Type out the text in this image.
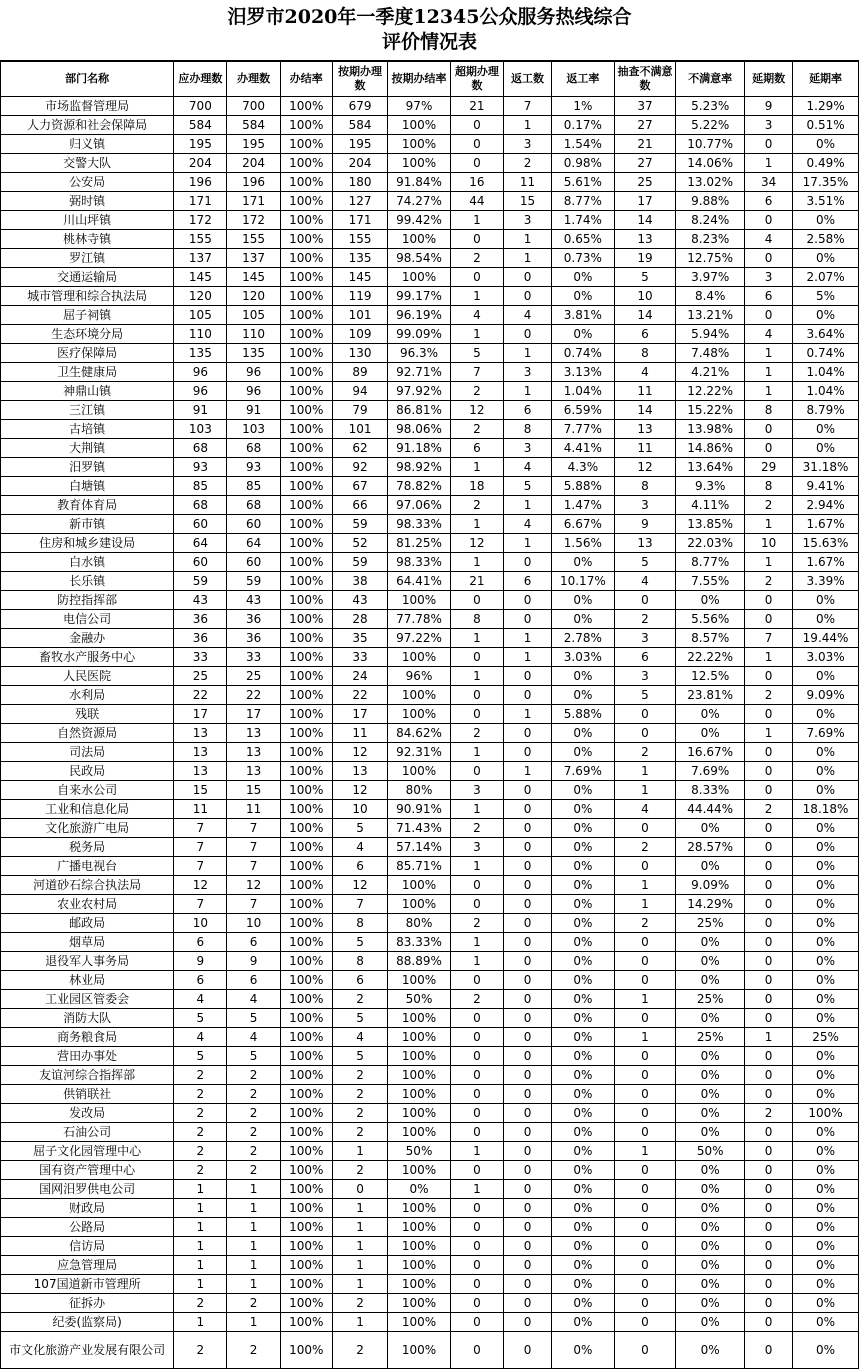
汨罗市2020年一季度12345公众服务热线综合
评价情况表
部门名称	应办理数	办理数	办结率	按期办理数	按期办结率	超期办理数	返工数	返工率	抽查不满意数	不满意率	延期数	延期率
市场监督管理局	700	700	100%	679	97%	21	7	1%	37	5.23%	9	1.29%
人力资源和社会保障局	584	584	100%	584	100%	0	1	0.17%	27	5.22%	3	0.51%
归义镇	195	195	100%	195	100%	0	3	1.54%	21	10.77%	0	0%
交警大队	204	204	100%	204	100%	0	2	0.98%	27	14.06%	1	0.49%
公安局	196	196	100%	180	91.84%	16	11	5.61%	25	13.02%	34	17.35%
弼时镇	171	171	100%	127	74.27%	44	15	8.77%	17	9.88%	6	3.51%
川山坪镇	172	172	100%	171	99.42%	1	3	1.74%	14	8.24%	0	0%
桃林寺镇	155	155	100%	155	100%	0	1	0.65%	13	8.23%	4	2.58%
罗江镇	137	137	100%	135	98.54%	2	1	0.73%	19	12.75%	0	0%
交通运输局	145	145	100%	145	100%	0	0	0%	5	3.97%	3	2.07%
城市管理和综合执法局	120	120	100%	119	99.17%	1	0	0%	10	8.4%	6	5%
屈子祠镇	105	105	100%	101	96.19%	4	4	3.81%	14	13.21%	0	0%
生态环境分局	110	110	100%	109	99.09%	1	0	0%	6	5.94%	4	3.64%
医疗保障局	135	135	100%	130	96.3%	5	1	0.74%	8	7.48%	1	0.74%
卫生健康局	96	96	100%	89	92.71%	7	3	3.13%	4	4.21%	1	1.04%
神鼎山镇	96	96	100%	94	97.92%	2	1	1.04%	11	12.22%	1	1.04%
三江镇	91	91	100%	79	86.81%	12	6	6.59%	14	15.22%	8	8.79%
古培镇	103	103	100%	101	98.06%	2	8	7.77%	13	13.98%	0	0%
大荆镇	68	68	100%	62	91.18%	6	3	4.41%	11	14.86%	0	0%
汨罗镇	93	93	100%	92	98.92%	1	4	4.3%	12	13.64%	29	31.18%
白塘镇	85	85	100%	67	78.82%	18	5	5.88%	8	9.3%	8	9.41%
教育体育局	68	68	100%	66	97.06%	2	1	1.47%	3	4.11%	2	2.94%
新市镇	60	60	100%	59	98.33%	1	4	6.67%	9	13.85%	1	1.67%
住房和城乡建设局	64	64	100%	52	81.25%	12	1	1.56%	13	22.03%	10	15.63%
白水镇	60	60	100%	59	98.33%	1	0	0%	5	8.77%	1	1.67%
长乐镇	59	59	100%	38	64.41%	21	6	10.17%	4	7.55%	2	3.39%
防控指挥部	43	43	100%	43	100%	0	0	0%	0	0%	0	0%
电信公司	36	36	100%	28	77.78%	8	0	0%	2	5.56%	0	0%
金融办	36	36	100%	35	97.22%	1	1	2.78%	3	8.57%	7	19.44%
畜牧水产服务中心	33	33	100%	33	100%	0	1	3.03%	6	22.22%	1	3.03%
人民医院	25	25	100%	24	96%	1	0	0%	3	12.5%	0	0%
水利局	22	22	100%	22	100%	0	0	0%	5	23.81%	2	9.09%
残联	17	17	100%	17	100%	0	1	5.88%	0	0%	0	0%
自然资源局	13	13	100%	11	84.62%	2	0	0%	0	0%	1	7.69%
司法局	13	13	100%	12	92.31%	1	0	0%	2	16.67%	0	0%
民政局	13	13	100%	13	100%	0	1	7.69%	1	7.69%	0	0%
自来水公司	15	15	100%	12	80%	3	0	0%	1	8.33%	0	0%
工业和信息化局	11	11	100%	10	90.91%	1	0	0%	4	44.44%	2	18.18%
文化旅游广电局	7	7	100%	5	71.43%	2	0	0%	0	0%	0	0%
税务局	7	7	100%	4	57.14%	3	0	0%	2	28.57%	0	0%
广播电视台	7	7	100%	6	85.71%	1	0	0%	0	0%	0	0%
河道砂石综合执法局	12	12	100%	12	100%	0	0	0%	1	9.09%	0	0%
农业农村局	7	7	100%	7	100%	0	0	0%	1	14.29%	0	0%
邮政局	10	10	100%	8	80%	2	0	0%	2	25%	0	0%
烟草局	6	6	100%	5	83.33%	1	0	0%	0	0%	0	0%
退役军人事务局	9	9	100%	8	88.89%	1	0	0%	0	0%	0	0%
林业局	6	6	100%	6	100%	0	0	0%	0	0%	0	0%
工业园区管委会	4	4	100%	2	50%	2	0	0%	1	25%	0	0%
消防大队	5	5	100%	5	100%	0	0	0%	0	0%	0	0%
商务粮食局	4	4	100%	4	100%	0	0	0%	1	25%	1	25%
营田办事处	5	5	100%	5	100%	0	0	0%	0	0%	0	0%
友谊河综合指挥部	2	2	100%	2	100%	0	0	0%	0	0%	0	0%
供销联社	2	2	100%	2	100%	0	0	0%	0	0%	0	0%
发改局	2	2	100%	2	100%	0	0	0%	0	0%	2	100%
石油公司	2	2	100%	2	100%	0	0	0%	0	0%	0	0%
屈子文化园管理中心	2	2	100%	1	50%	1	0	0%	1	50%	0	0%
国有资产管理中心	2	2	100%	2	100%	0	0	0%	0	0%	0	0%
国网汨罗供电公司	1	1	100%	0	0%	1	0	0%	0	0%	0	0%
财政局	1	1	100%	1	100%	0	0	0%	0	0%	0	0%
公路局	1	1	100%	1	100%	0	0	0%	0	0%	0	0%
信访局	1	1	100%	1	100%	0	0	0%	0	0%	0	0%
应急管理局	1	1	100%	1	100%	0	0	0%	0	0%	0	0%
107国道新市管理所	1	1	100%	1	100%	0	0	0%	0	0%	0	0%
征拆办	2	2	100%	2	100%	0	0	0%	0	0%	0	0%
纪委(监察局)	1	1	100%	1	100%	0	0	0%	0	0%	0	0%
市文化旅游产业发展有限公司	2	2	100%	2	100%	0	0	0%	0	0%	0	0%
